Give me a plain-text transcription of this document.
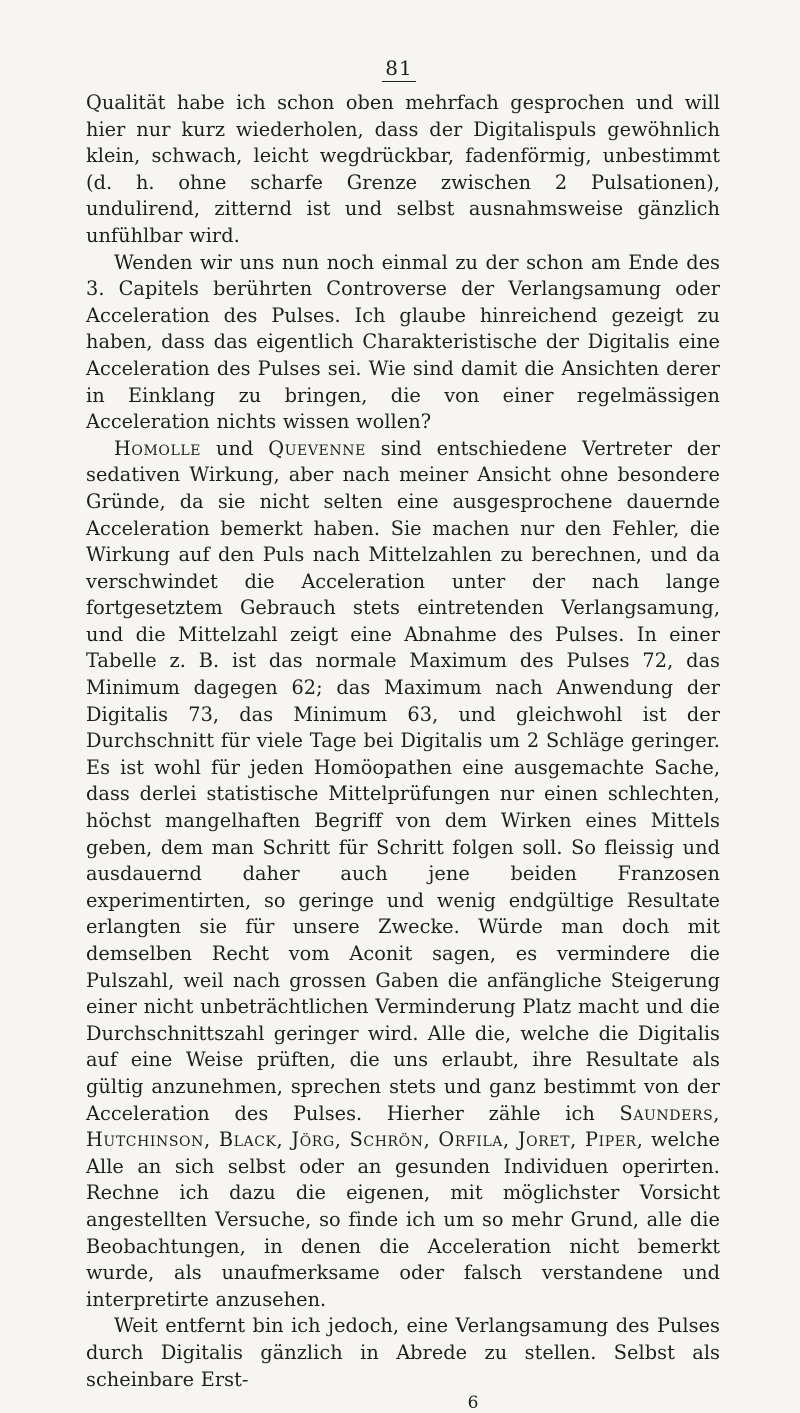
81

Qualität habe ich schon oben mehrfach gesprochen und will hier nur kurz wiederholen, dass der Digitalispuls gewöhnlich klein, schwach, leicht wegdrückbar, fadenförmig, unbestimmt (d. h. ohne scharfe Grenze zwischen 2 Pulsationen), undulirend, zitternd ist und selbst ausnahmsweise gänzlich unfühlbar wird.

Wenden wir uns nun noch einmal zu der schon am Ende des 3. Capitels berührten Controverse der Verlangsamung oder Acceleration des Pulses. Ich glaube hinreichend gezeigt zu haben, dass das eigentlich Charakteristische der Digitalis eine Acceleration des Pulses sei. Wie sind damit die Ansichten derer in Einklang zu bringen, die von einer regelmässigen Acceleration nichts wissen wollen?

Homolle und Quevenne sind entschiedene Vertreter der sedativen Wirkung, aber nach meiner Ansicht ohne besondere Gründe, da sie nicht selten eine ausgesprochene dauernde Acceleration bemerkt haben. Sie machen nur den Fehler, die Wirkung auf den Puls nach Mittelzahlen zu berechnen, und da verschwindet die Acceleration unter der nach lange fortgesetztem Gebrauch stets eintretenden Verlangsamung, und die Mittelzahl zeigt eine Abnahme des Pulses. In einer Tabelle z. B. ist das normale Maximum des Pulses 72, das Minimum dagegen 62; das Maximum nach Anwendung der Digitalis 73, das Minimum 63, und gleichwohl ist der Durchschnitt für viele Tage bei Digitalis um 2 Schläge geringer. Es ist wohl für jeden Homöopathen eine ausgemachte Sache, dass derlei statistische Mittelprüfungen nur einen schlechten, höchst mangelhaften Begriff von dem Wirken eines Mittels geben, dem man Schritt für Schritt folgen soll. So fleissig und ausdauernd daher auch jene beiden Franzosen experimentirten, so geringe und wenig endgültige Resultate erlangten sie für unsere Zwecke. Würde man doch mit demselben Recht vom Aconit sagen, es vermindere die Pulszahl, weil nach grossen Gaben die anfängliche Steigerung einer nicht unbeträchtlichen Verminderung Platz macht und die Durchschnittszahl geringer wird. Alle die, welche die Digitalis auf eine Weise prüften, die uns erlaubt, ihre Resultate als gültig anzunehmen, sprechen stets und ganz bestimmt von der Acceleration des Pulses. Hierher zähle ich Saunders, Hutchinson, Black, Jörg, Schrön, Orfila, Joret, Piper, welche Alle an sich selbst oder an gesunden Individuen operirten. Rechne ich dazu die eigenen, mit möglichster Vorsicht angestellten Versuche, so finde ich um so mehr Grund, alle die Beobachtungen, in denen die Acceleration nicht bemerkt wurde, als unaufmerksame oder falsch verstandene und interpretirte anzusehen.

Weit entfernt bin ich jedoch, eine Verlangsamung des Pulses durch Digitalis gänzlich in Abrede zu stellen. Selbst als scheinbare Erst-

6
